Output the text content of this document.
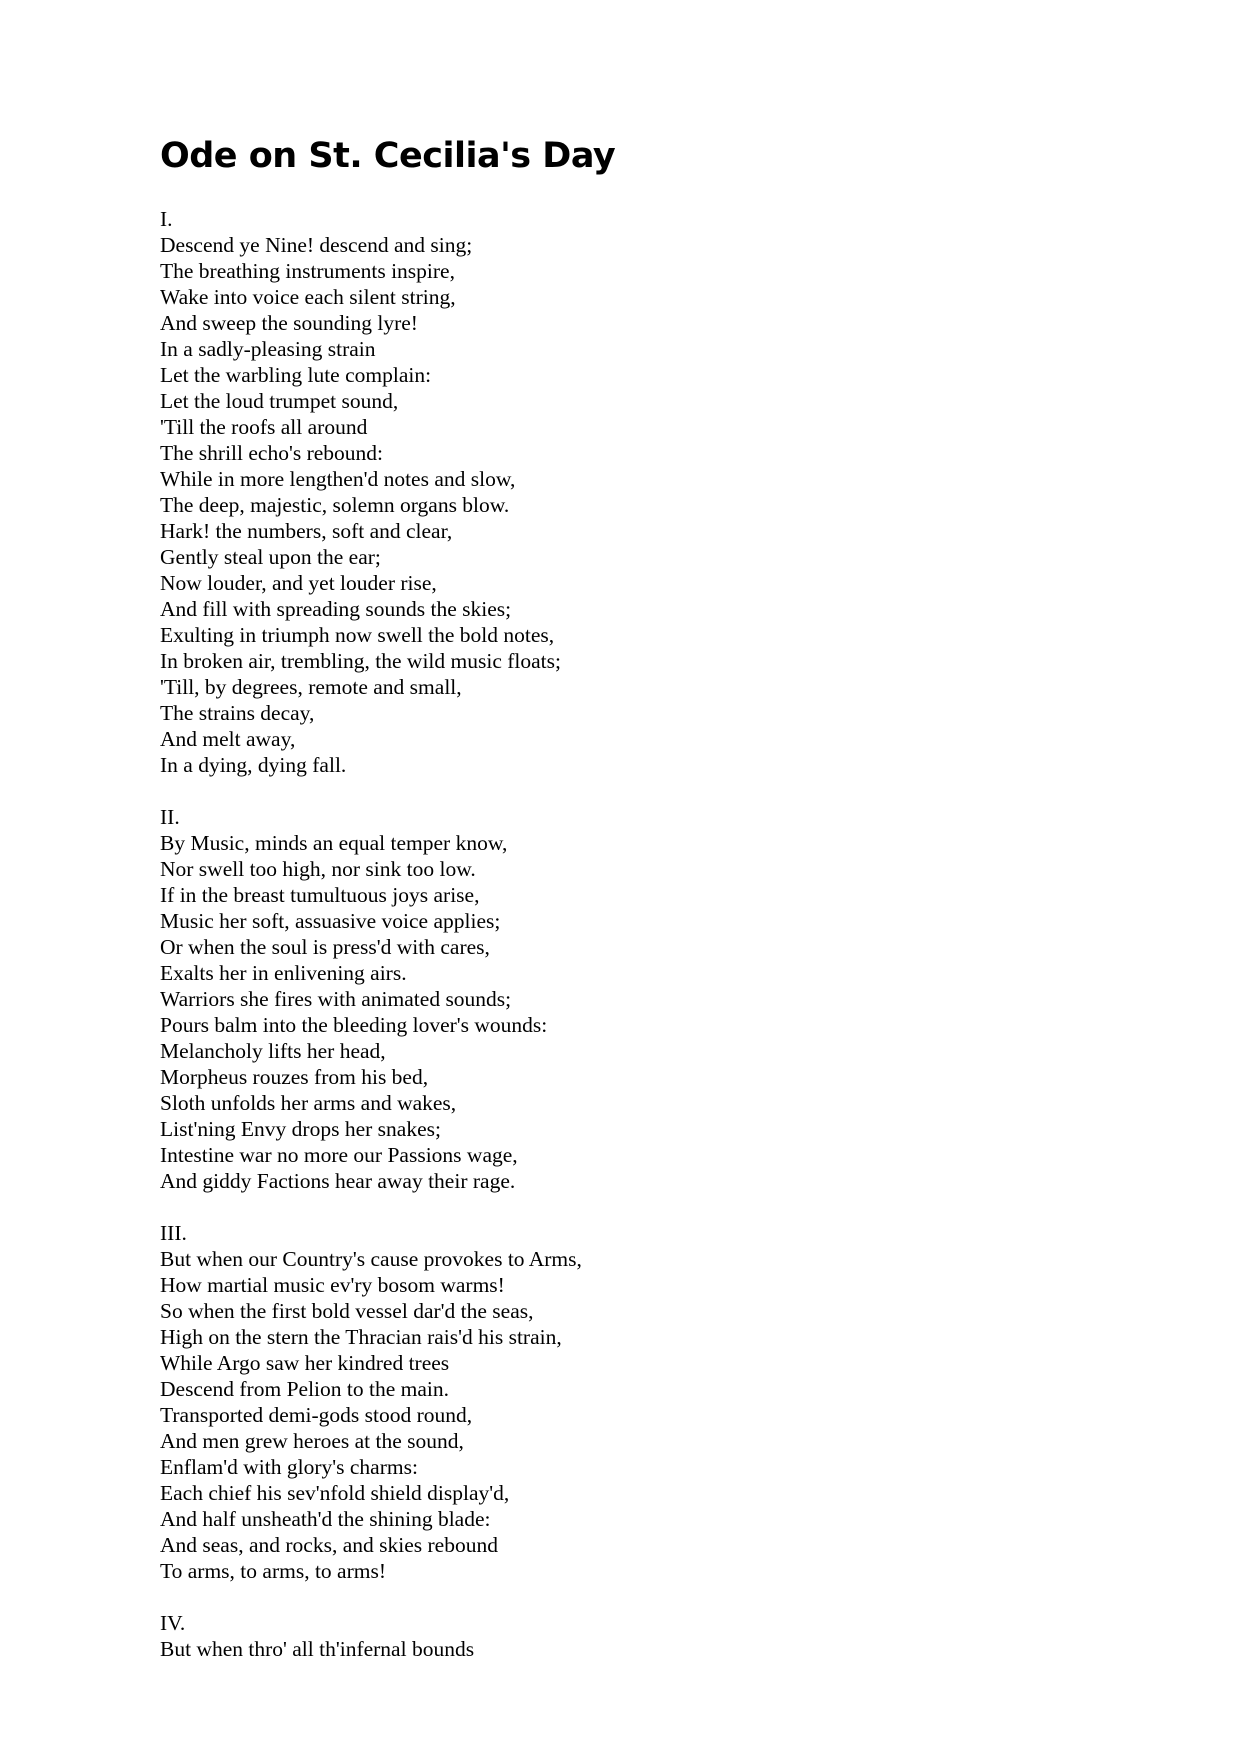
Ode on St. Cecilia's Day
I.
Descend ye Nine! descend and sing;
The breathing instruments inspire,
Wake into voice each silent string,
And sweep the sounding lyre!
In a sadly-pleasing strain
Let the warbling lute complain:
Let the loud trumpet sound,
'Till the roofs all around
The shrill echo's rebound:
While in more lengthen'd notes and slow,
The deep, majestic, solemn organs blow.
Hark! the numbers, soft and clear,
Gently steal upon the ear;
Now louder, and yet louder rise,
And fill with spreading sounds the skies;
Exulting in triumph now swell the bold notes,
In broken air, trembling, the wild music floats;
'Till, by degrees, remote and small,
The strains decay,
And melt away,
In a dying, dying fall.
II.
By Music, minds an equal temper know,
Nor swell too high, nor sink too low.
If in the breast tumultuous joys arise,
Music her soft, assuasive voice applies;
Or when the soul is press'd with cares,
Exalts her in enlivening airs.
Warriors she fires with animated sounds;
Pours balm into the bleeding lover's wounds:
Melancholy lifts her head,
Morpheus rouzes from his bed,
Sloth unfolds her arms and wakes,
List'ning Envy drops her snakes;
Intestine war no more our Passions wage,
And giddy Factions hear away their rage.
III.
But when our Country's cause provokes to Arms,
How martial music ev'ry bosom warms!
So when the first bold vessel dar'd the seas,
High on the stern the Thracian rais'd his strain,
While Argo saw her kindred trees
Descend from Pelion to the main.
Transported demi-gods stood round,
And men grew heroes at the sound,
Enflam'd with glory's charms:
Each chief his sev'nfold shield display'd,
And half unsheath'd the shining blade:
And seas, and rocks, and skies rebound
To arms, to arms, to arms!
IV.
But when thro' all th'infernal bounds
